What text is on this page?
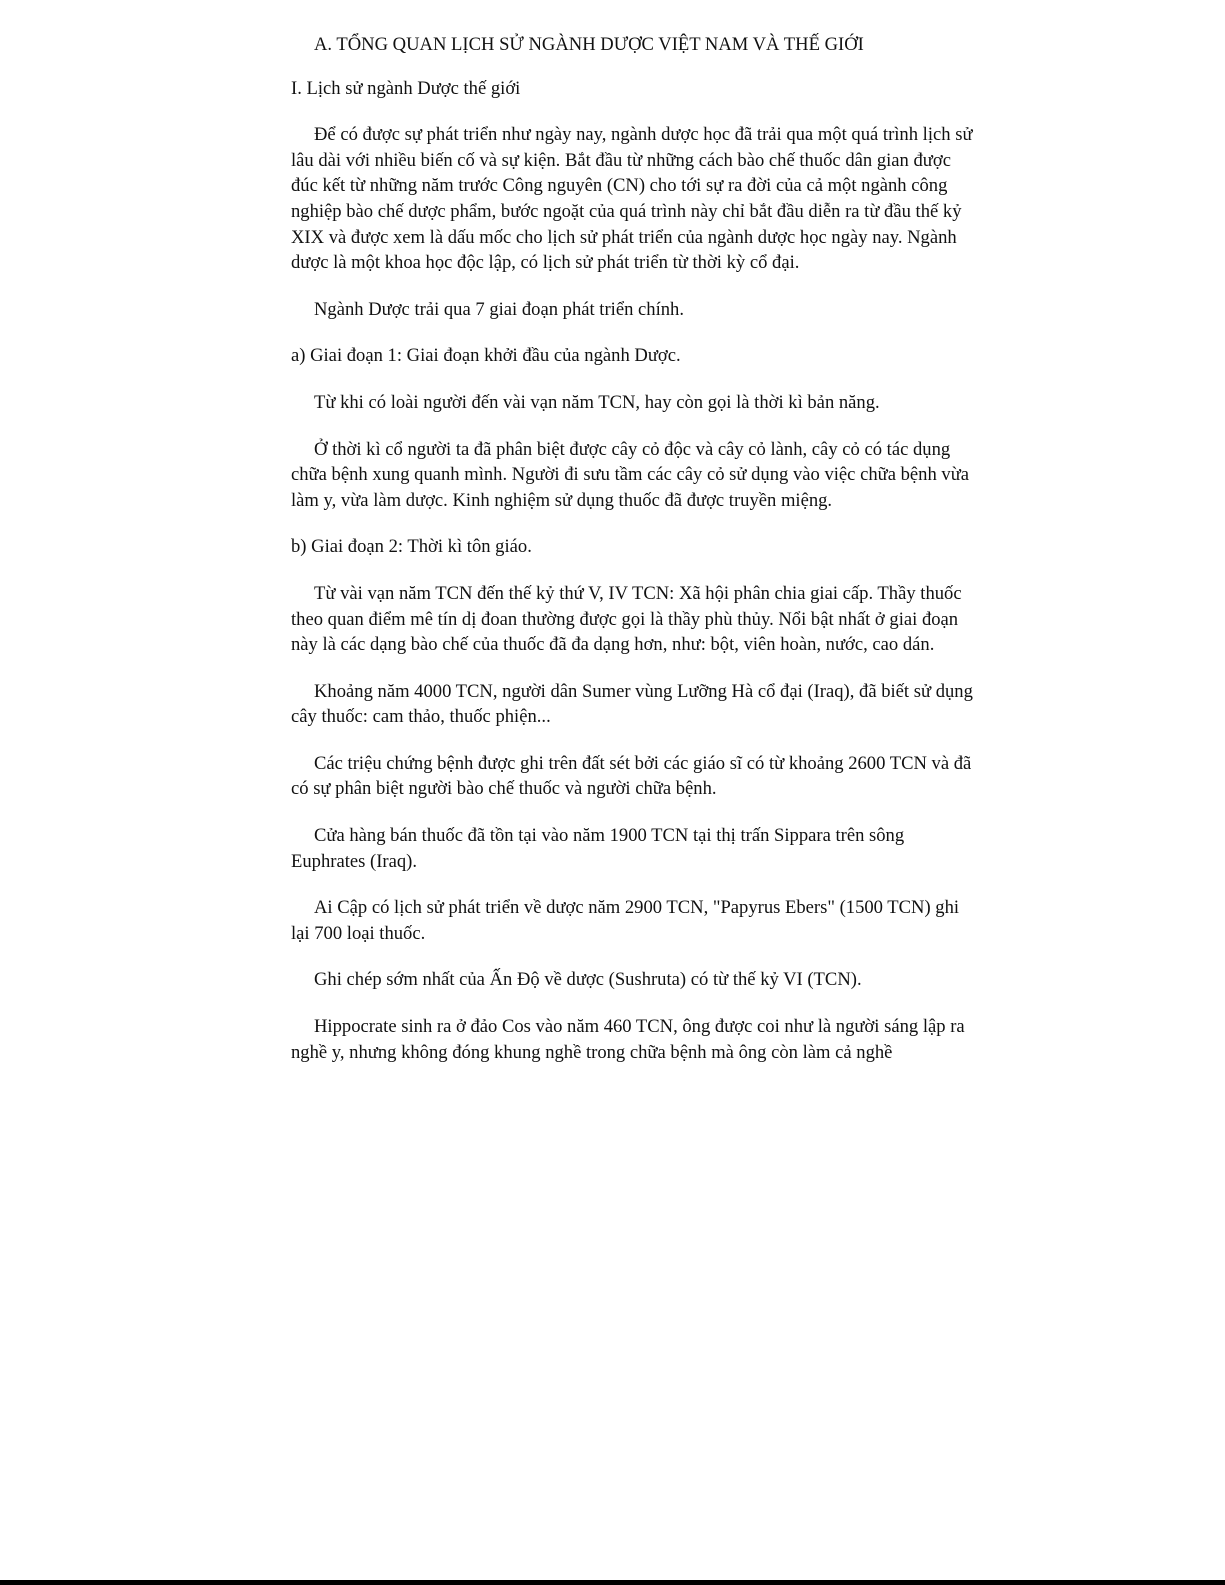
A. TỔNG QUAN LỊCH SỬ NGÀNH DƯỢC VIỆT NAM VÀ THẾ GIỚI

I. Lịch sử ngành Dược thế giới

Để có được sự phát triển như ngày nay, ngành dược học đã trải qua một quá trình lịch sử lâu dài với nhiều biến cố và sự kiện. Bắt đầu từ những cách bào chế thuốc dân gian được đúc kết từ những năm trước Công nguyên (CN) cho tới sự ra đời của cả một ngành công nghiệp bào chế dược phẩm, bước ngoặt của quá trình này chỉ bắt đầu diễn ra từ đầu thế kỷ XIX và được xem là dấu mốc cho lịch sử phát triển của ngành dược học ngày nay. Ngành dược là một khoa học độc lập, có lịch sử phát triển từ thời kỳ cổ đại.

Ngành Dược trải qua 7 giai đoạn phát triển chính.

a) Giai đoạn 1: Giai đoạn khởi đầu của ngành Dược.

Từ khi có loài người đến vài vạn năm TCN, hay còn gọi là thời kì bản năng.

Ở thời kì cổ người ta đã phân biệt được cây cỏ độc và cây cỏ lành, cây cỏ có tác dụng chữa bệnh xung quanh mình. Người đi sưu tầm các cây cỏ sử dụng vào việc chữa bệnh vừa làm y, vừa làm dược. Kinh nghiệm sử dụng thuốc đã được truyền miệng.

b) Giai đoạn 2: Thời kì tôn giáo.

Từ vài vạn năm TCN đến thế kỷ thứ V, IV TCN: Xã hội phân chia giai cấp. Thầy thuốc theo quan điểm mê tín dị đoan thường được gọi là thầy phù thủy. Nổi bật nhất ở giai đoạn này là các dạng bào chế của thuốc đã đa dạng hơn, như: bột, viên hoàn, nước, cao dán.

Khoảng năm 4000 TCN, người dân Sumer vùng Lưỡng Hà cổ đại (Iraq), đã biết sử dụng cây thuốc: cam thảo, thuốc phiện...

Các triệu chứng bệnh được ghi trên đất sét bởi các giáo sĩ có từ khoảng 2600 TCN và đã có sự phân biệt người bào chế thuốc và người chữa bệnh.

Cửa hàng bán thuốc đã tồn tại vào năm 1900 TCN tại thị trấn Sippara trên sông Euphrates (Iraq).

Ai Cập có lịch sử phát triển về dược năm 2900 TCN, "Papyrus Ebers" (1500 TCN) ghi lại 700 loại thuốc.

Ghi chép sớm nhất của Ấn Độ về dược (Sushruta) có từ thế kỷ VI (TCN).

Hippocrate sinh ra ở đảo Cos vào năm 460 TCN, ông được coi như là người sáng lập ra nghề y, nhưng không đóng khung nghề trong chữa bệnh mà ông còn làm cả nghề
